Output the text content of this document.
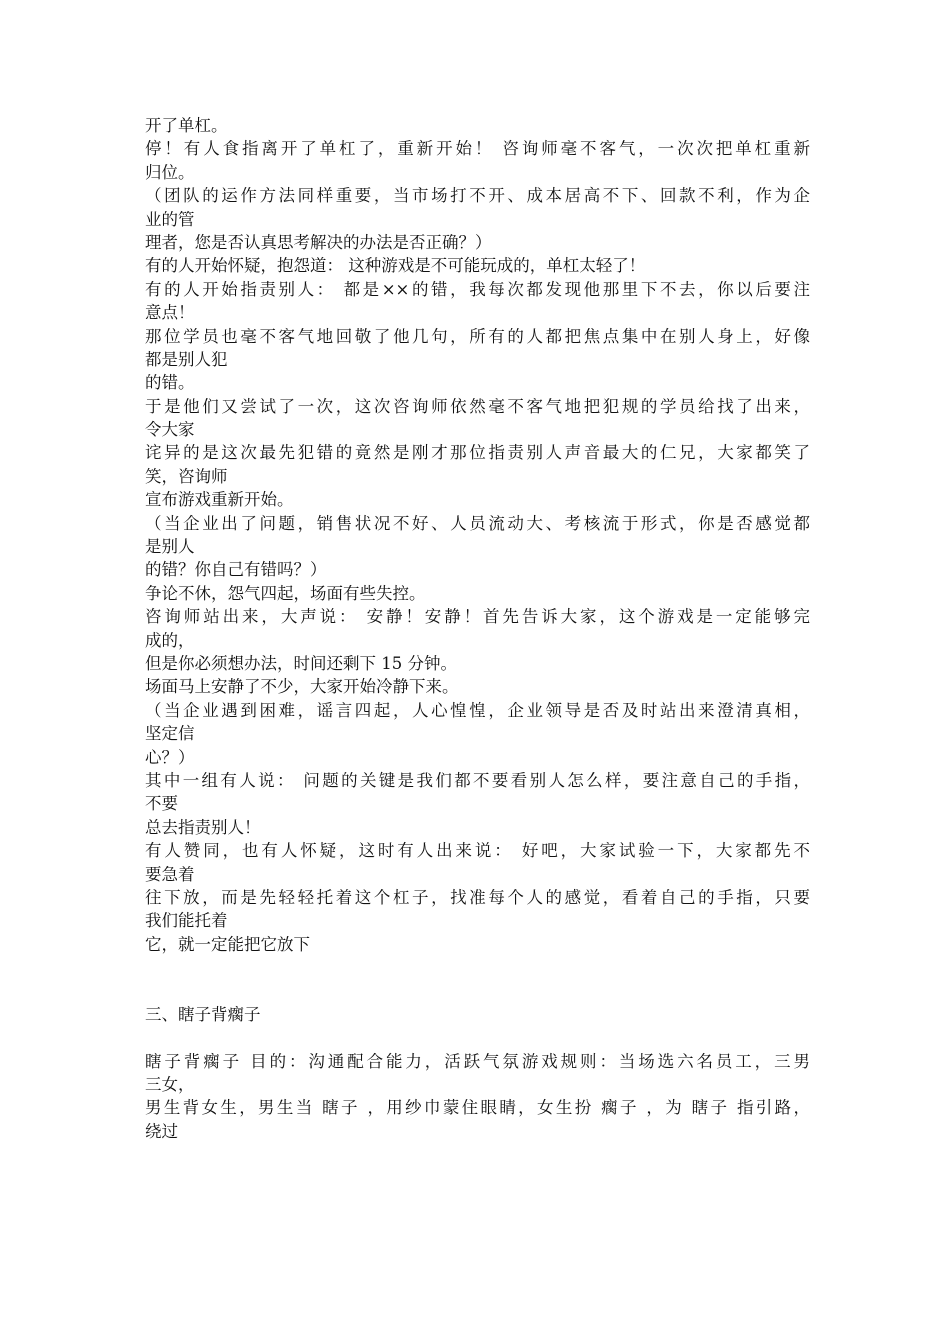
开了单杠。
停！有人食指离开了单杠了，重新开始！ 咨询师毫不客气，一次次把单杠重新
归位。
（团队的运作方法同样重要，当市场打不开、成本居高不下、回款不利，作为企
业的管
理者，您是否认真思考解决的办法是否正确？）
有的人开始怀疑，抱怨道： 这种游戏是不可能玩成的，单杠太轻了！
有的人开始指责别人： 都是××的错，我每次都发现他那里下不去，你以后要注
意点！
那位学员也毫不客气地回敬了他几句，所有的人都把焦点集中在别人身上，好像
都是别人犯
的错。
于是他们又尝试了一次，这次咨询师依然毫不客气地把犯规的学员给找了出来，
令大家
诧异的是这次最先犯错的竟然是刚才那位指责别人声音最大的仁兄，大家都笑了
笑，咨询师
宣布游戏重新开始。
（当企业出了问题，销售状况不好、人员流动大、考核流于形式，你是否感觉都
是别人
的错？你自己有错吗？）
争论不休，怨气四起，场面有些失控。
咨询师站出来，大声说： 安静！安静！首先告诉大家，这个游戏是一定能够完
成的，
但是你必须想办法，时间还剩下 15 分钟。
场面马上安静了不少，大家开始冷静下来。
（当企业遇到困难，谣言四起，人心惶惶，企业领导是否及时站出来澄清真相，
坚定信
心？）
其中一组有人说： 问题的关键是我们都不要看别人怎么样，要注意自己的手指，
不要
总去指责别人！
有人赞同，也有人怀疑，这时有人出来说： 好吧，大家试验一下，大家都先不
要急着
往下放，而是先轻轻托着这个杠子，找准每个人的感觉，看着自己的手指，只要
我们能托着
它，就一定能把它放下
三、瞎子背瘸子
瞎子背瘸子 目的：沟通配合能力，活跃气氛游戏规则：当场选六名员工，三男
三女，
男生背女生，男生当 瞎子 ，用纱巾蒙住眼睛，女生扮 瘸子 ，为 瞎子 指引路，
绕过
